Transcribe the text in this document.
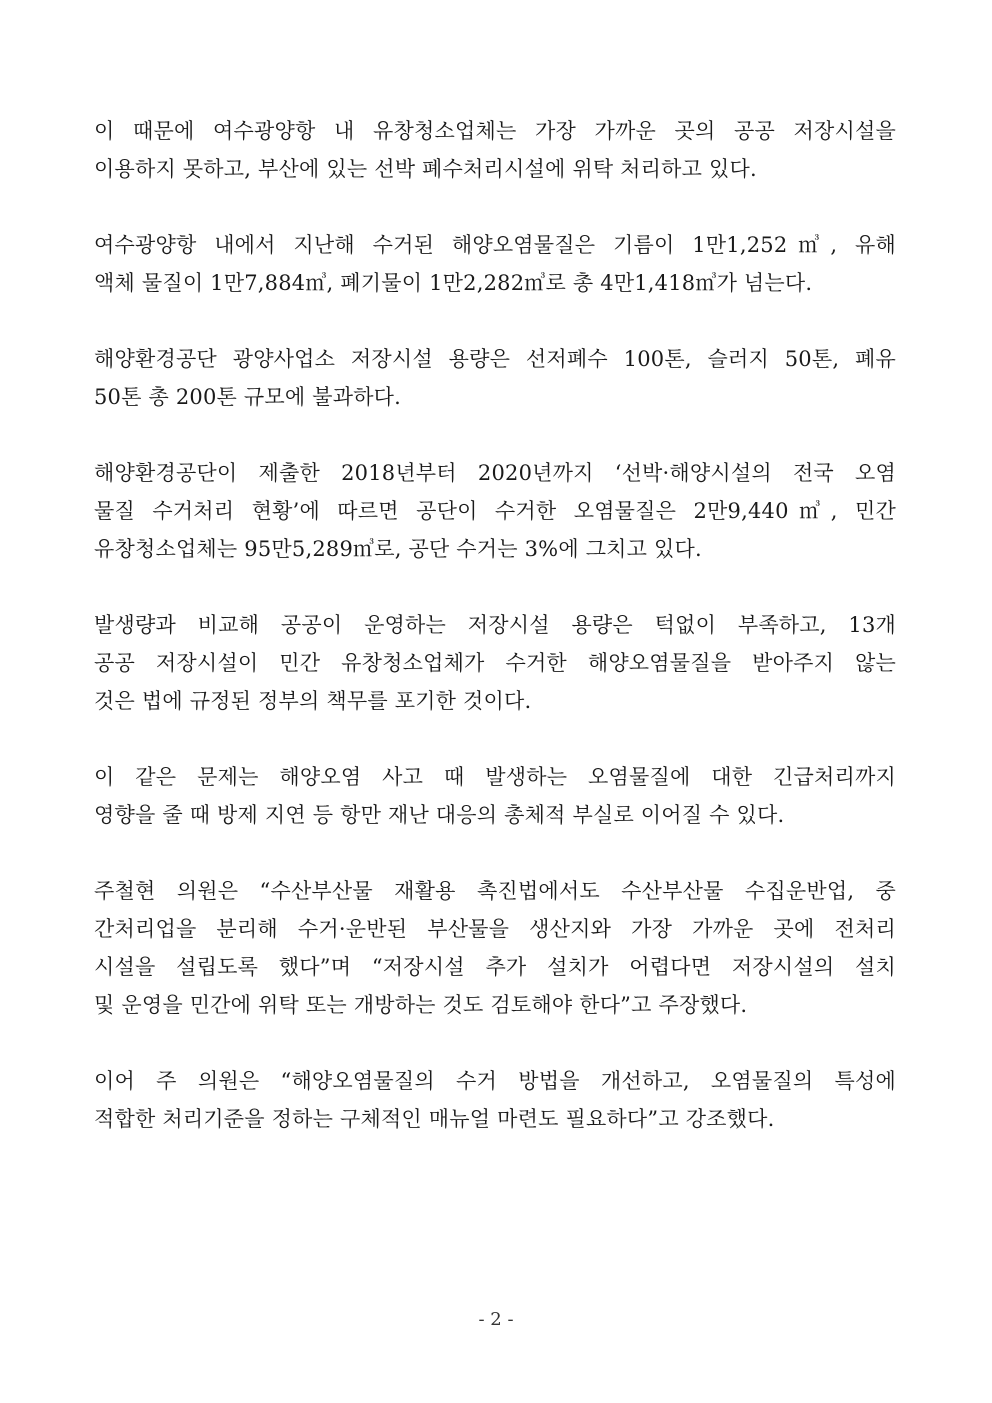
이 때문에 여수광양항 내 유창청소업체는 가장 가까운 곳의 공공 저장시설을
이용하지 못하고, 부산에 있는 선박 폐수처리시설에 위탁 처리하고 있다.

여수광양항 내에서 지난해 수거된 해양오염물질은 기름이 1만1,252㎥, 유해
액체 물질이 1만7,884㎥, 폐기물이 1만2,282㎥로 총 4만1,418㎥가 넘는다.

해양환경공단 광양사업소 저장시설 용량은 선저폐수 100톤, 슬러지 50톤, 폐유
50톤 총 200톤 규모에 불과하다.

해양환경공단이 제출한 2018년부터 2020년까지 ‘선박·해양시설의 전국 오염
물질 수거처리 현황’에 따르면 공단이 수거한 오염물질은 2만9,440㎥, 민간
유창청소업체는 95만5,289㎥로, 공단 수거는 3%에 그치고 있다.

발생량과 비교해 공공이 운영하는 저장시설 용량은 턱없이 부족하고, 13개
공공 저장시설이 민간 유창청소업체가 수거한 해양오염물질을 받아주지 않는
것은 법에 규정된 정부의 책무를 포기한 것이다.

이 같은 문제는 해양오염 사고 때 발생하는 오염물질에 대한 긴급처리까지
영향을 줄 때 방제 지연 등 항만 재난 대응의 총체적 부실로 이어질 수 있다.

주철현 의원은 “수산부산물 재활용 촉진법에서도 수산부산물 수집운반업, 중
간처리업을 분리해 수거·운반된 부산물을 생산지와 가장 가까운 곳에 전처리
시설을 설립도록 했다”며 “저장시설 추가 설치가 어렵다면 저장시설의 설치
및 운영을 민간에 위탁 또는 개방하는 것도 검토해야 한다”고 주장했다.

이어 주 의원은 “해양오염물질의 수거 방법을 개선하고, 오염물질의 특성에
적합한 처리기준을 정하는 구체적인 매뉴얼 마련도 필요하다”고 강조했다.

- 2 -
